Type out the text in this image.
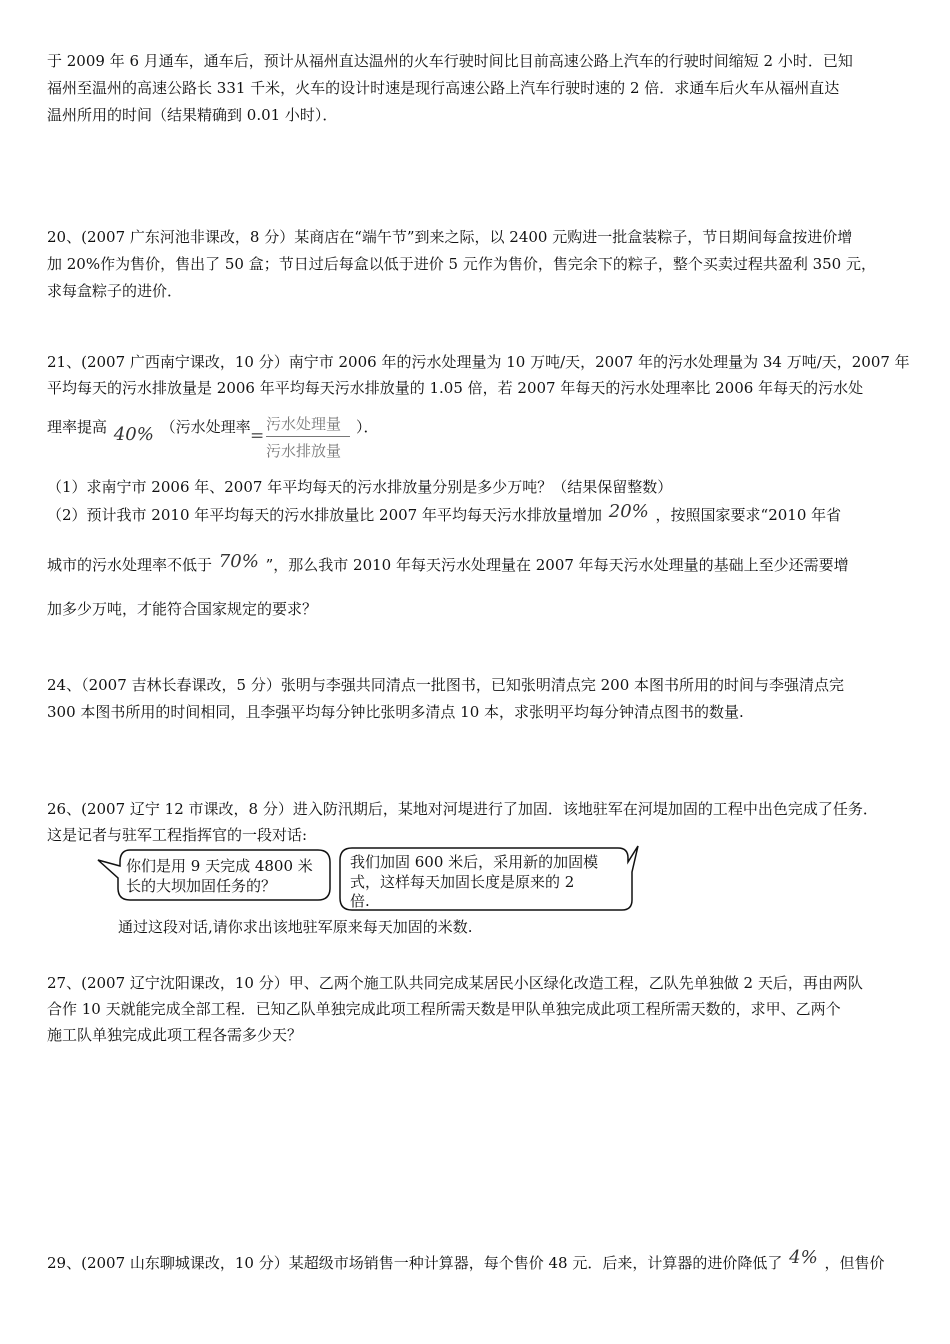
于 2009 年 6 月通车，通车后，预计从福州直达温州的火车行驶时间比目前高速公路上汽车的行驶时间缩短 2 小时．已知
福州至温州的高速公路长 331 千米，火车的设计时速是现行高速公路上汽车行驶时速的 2 倍．求通车后火车从福州直达
温州所用的时间（结果精确到 0.01 小时）．
20、(2007 广东河池非课改，8 分）某商店在“端午节”到来之际，以 2400 元购进一批盒装粽子，节日期间每盒按进价增
加 20%作为售价，售出了 50 盒；节日过后每盒以低于进价 5 元作为售价，售完余下的粽子，整个买卖过程共盈利 350 元，
求每盒粽子的进价．
21、(2007 广西南宁课改，10 分）南宁市 2006 年的污水处理量为 10 万吨/天，2007 年的污水处理量为 34 万吨/天，2007 年
平均每天的污水排放量是 2006 年平均每天污水排放量的 1.05 倍，若 2007 年每天的污水处理率比 2006 年每天的污水处
理率提高 40% （污水处理率 =
污水处理量
污水排放量
）．
（1）求南宁市 2006 年、2007 年平均每天的污水排放量分别是多少万吨？（结果保留整数）
（2）预计我市 2010 年平均每天的污水排放量比 2007 年平均每天污水排放量增加 20% ，按照国家要求“2010 年省
城市的污水处理率不低于 70% ”，那么我市 2010 年每天污水处理量在 2007 年每天污水处理量的基础上至少还需要增
加多少万吨，才能符合国家规定的要求？
24、（2007 吉林长春课改，5 分）张明与李强共同清点一批图书，已知张明清点完 200 本图书所用的时间与李强清点完
300 本图书所用的时间相同，且李强平均每分钟比张明多清点 10 本，求张明平均每分钟清点图书的数量.
26、(2007 辽宁 12 市课改，8 分）进入防汛期后，某地对河堤进行了加固．该地驻军在河堤加固的工程中出色完成了任务．
这是记者与驻军工程指挥官的一段对话:
你们是用 9 天完成 4800 米
长的大坝加固任务的？
我们加固 600 米后，采用新的加固模
式，这样每天加固长度是原来的 2
倍.
通过这段对话,请你求出该地驻军原来每天加固的米数.
27、(2007 辽宁沈阳课改，10 分）甲、乙两个施工队共同完成某居民小区绿化改造工程，乙队先单独做 2 天后，再由两队
合作 10 天就能完成全部工程．已知乙队单独完成此项工程所需天数是甲队单独完成此项工程所需天数的，求甲、乙两个
施工队单独完成此项工程各需多少天？
29、(2007 山东聊城课改，10 分）某超级市场销售一种计算器，每个售价 48 元．后来，计算器的进价降低了 4% ，但售价
